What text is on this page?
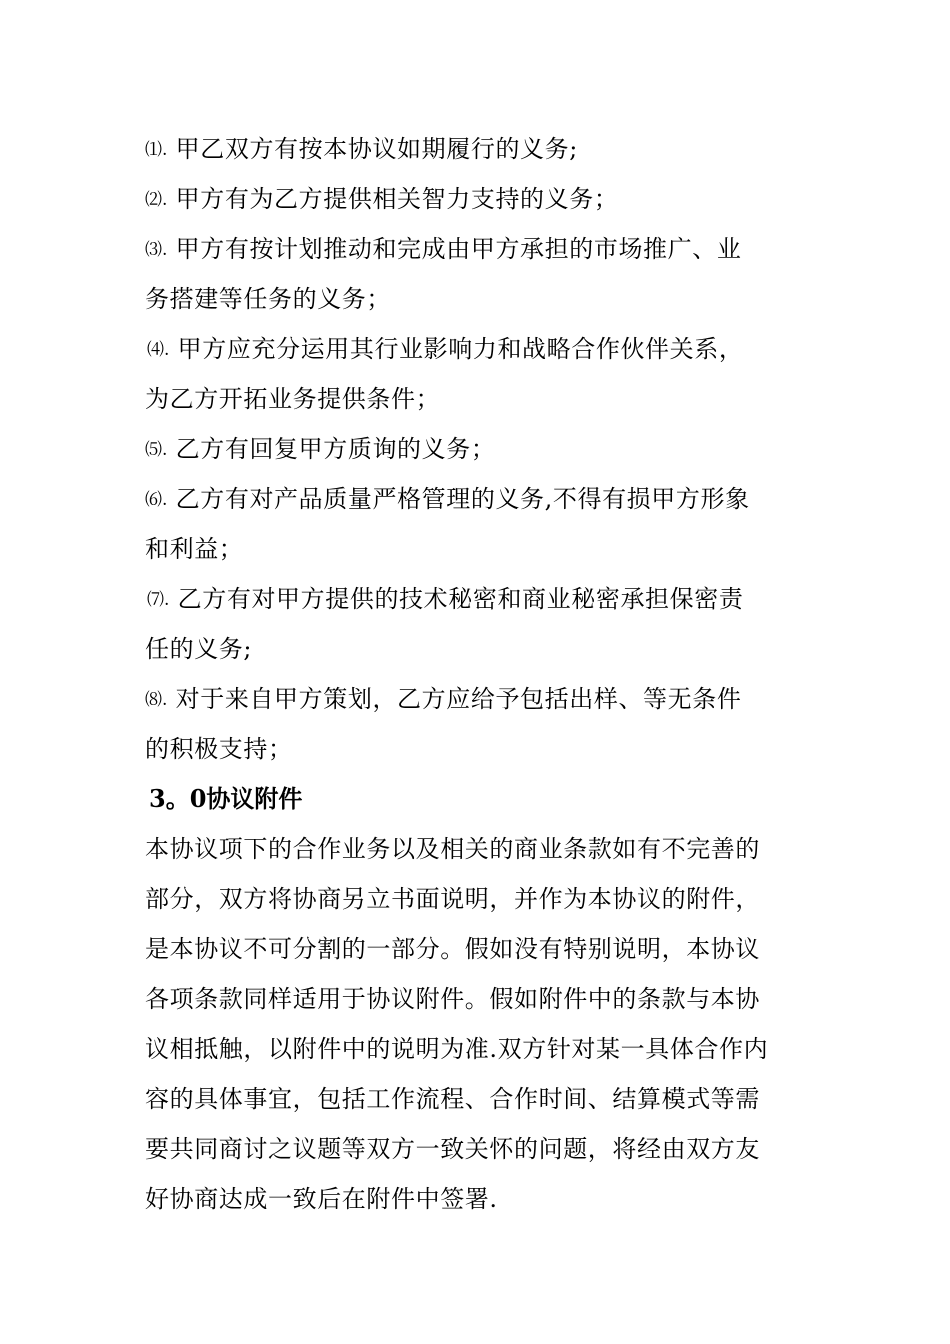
⑴. 甲乙双方有按本协议如期履行的义务;
⑵. 甲方有为乙方提供相关智力支持的义务；
⑶. 甲方有按计划推动和完成由甲方承担的市场推广、业
务搭建等任务的义务；
⑷. 甲方应充分运用其行业影响力和战略合作伙伴关系，
为乙方开拓业务提供条件；
⑸. 乙方有回复甲方质询的义务；
⑹. 乙方有对产品质量严格管理的义务,不得有损甲方形象
和利益；
⑺. 乙方有对甲方提供的技术秘密和商业秘密承担保密责
任的义务;
⑻. 对于来自甲方策划，乙方应给予包括出样、等无条件
的积极支持；
3。0协议附件
本协议项下的合作业务以及相关的商业条款如有不完善的
部分，双方将协商另立书面说明，并作为本协议的附件，
是本协议不可分割的一部分。假如没有特别说明，本协议
各项条款同样适用于协议附件。假如附件中的条款与本协
议相抵触，以附件中的说明为准.双方针对某一具体合作内
容的具体事宜，包括工作流程、合作时间、结算模式等需
要共同商讨之议题等双方一致关怀的问题，将经由双方友
好协商达成一致后在附件中签署.
